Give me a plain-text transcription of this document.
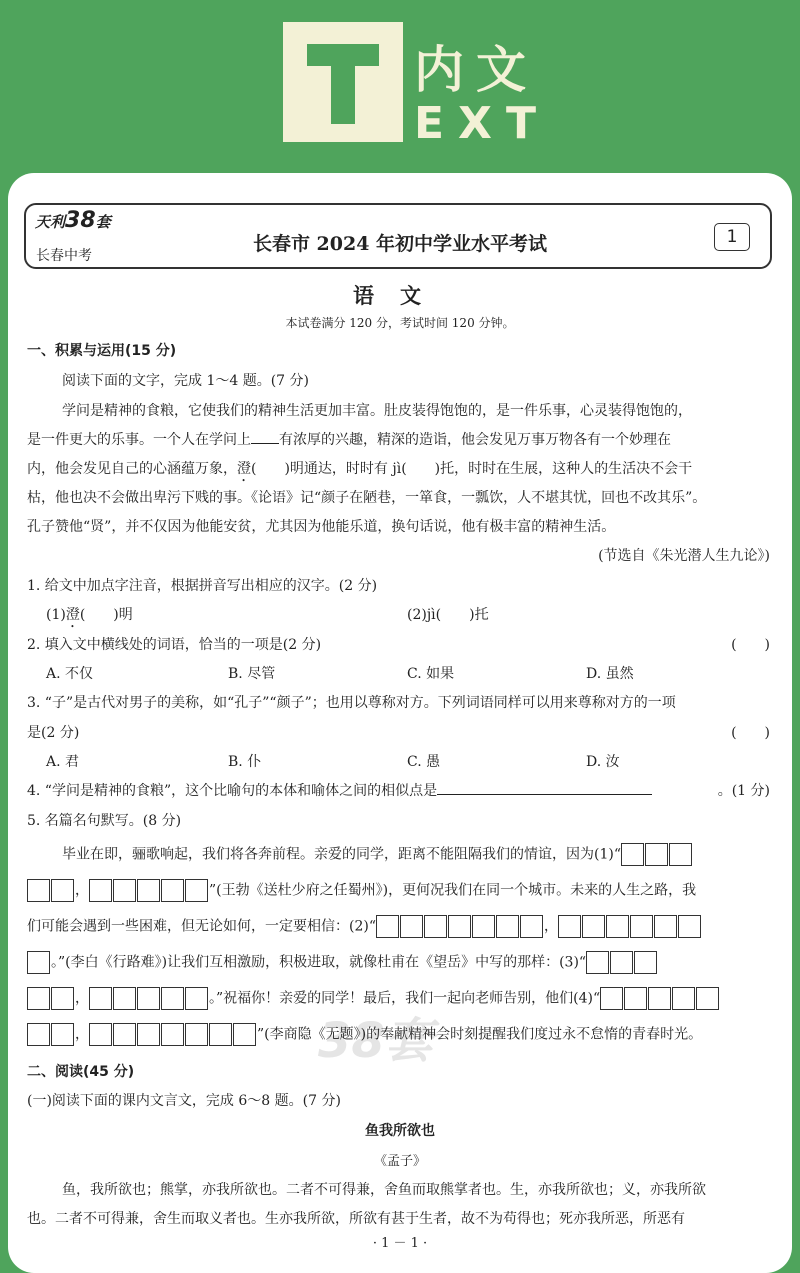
内文
EXT
天利38套
长春中考
长春市 2024 年初中学业水平考试	1
语文
本试卷满分 120 分，考试时间 120 分钟。
38套
一、积累与运用(15 分)
阅读下面的文字，完成 1～4 题。(7 分)
学问是精神的食粮，它使我们的精神生活更加丰富。肚皮装得饱饱的，是一件乐事，心灵装得饱饱的，
是一件更大的乐事。一个人在学问上 有浓厚的兴趣，精深的造诣，他会发见万事万物各有一个妙理在
内，他会发见自己的心涵蕴万象，澄(　　)明通达，时时有 jì(　　)托，时时在生展，这种人的生活决不会干
枯，他也决不会做出卑污下贱的事。《论语》记“颜子在陋巷，一箪食，一瓢饮，人不堪其忧，回也不改其乐”。
孔子赞他“贤”，并不仅因为他能安贫，尤其因为他能乐道，换句话说，他有极丰富的精神生活。
(节选自《朱光潜人生九论》)
1. 给文中加点字注音，根据拼音写出相应的汉字。(2 分)
(1)澄(　　)明	(2)jì(　　)托
2. 填入文中横线处的词语，恰当的一项是(2 分)	(　　)
A. 不仅	B. 尽管	C. 如果	D. 虽然
3. “子”是古代对男子的美称，如“孔子”“颜子”；也用以尊称对方。下列词语同样可以用来尊称对方的一项
是(2 分)	(　　)
A. 君	B. 仆	C. 愚	D. 汝
4. “学问是精神的食粮”，这个比喻句的本体和喻体之间的相似点是	。(1 分)
5. 名篇名句默写。(8 分)
毕业在即，骊歌响起，我们将各奔前程。亲爱的同学，距离不能阻隔我们的情谊，因为(1)“
，	”(王勃《送杜少府之任蜀州》)，更何况我们在同一个城市。未来的人生之路，我
们可能会遇到一些困难，但无论如何，一定要相信：(2)“	，
。”(李白《行路难》)让我们互相激励，积极进取，就像杜甫在《望岳》中写的那样：(3)“
，	。”祝福你！亲爱的同学！最后，我们一起向老师告别，他们(4)“
，	”(李商隐《无题》)的奉献精神会时刻提醒我们度过永不怠惰的青春时光。
二、阅读(45 分)
(一)阅读下面的课内文言文，完成 6～8 题。(7 分)
鱼我所欲也
《孟子》
鱼，我所欲也；熊掌，亦我所欲也。二者不可得兼，舍鱼而取熊掌者也。生，亦我所欲也；义，亦我所欲
也。二者不可得兼，舍生而取义者也。生亦我所欲，所欲有甚于生者，故不为苟得也；死亦我所恶，所恶有
· 1 － 1 ·
